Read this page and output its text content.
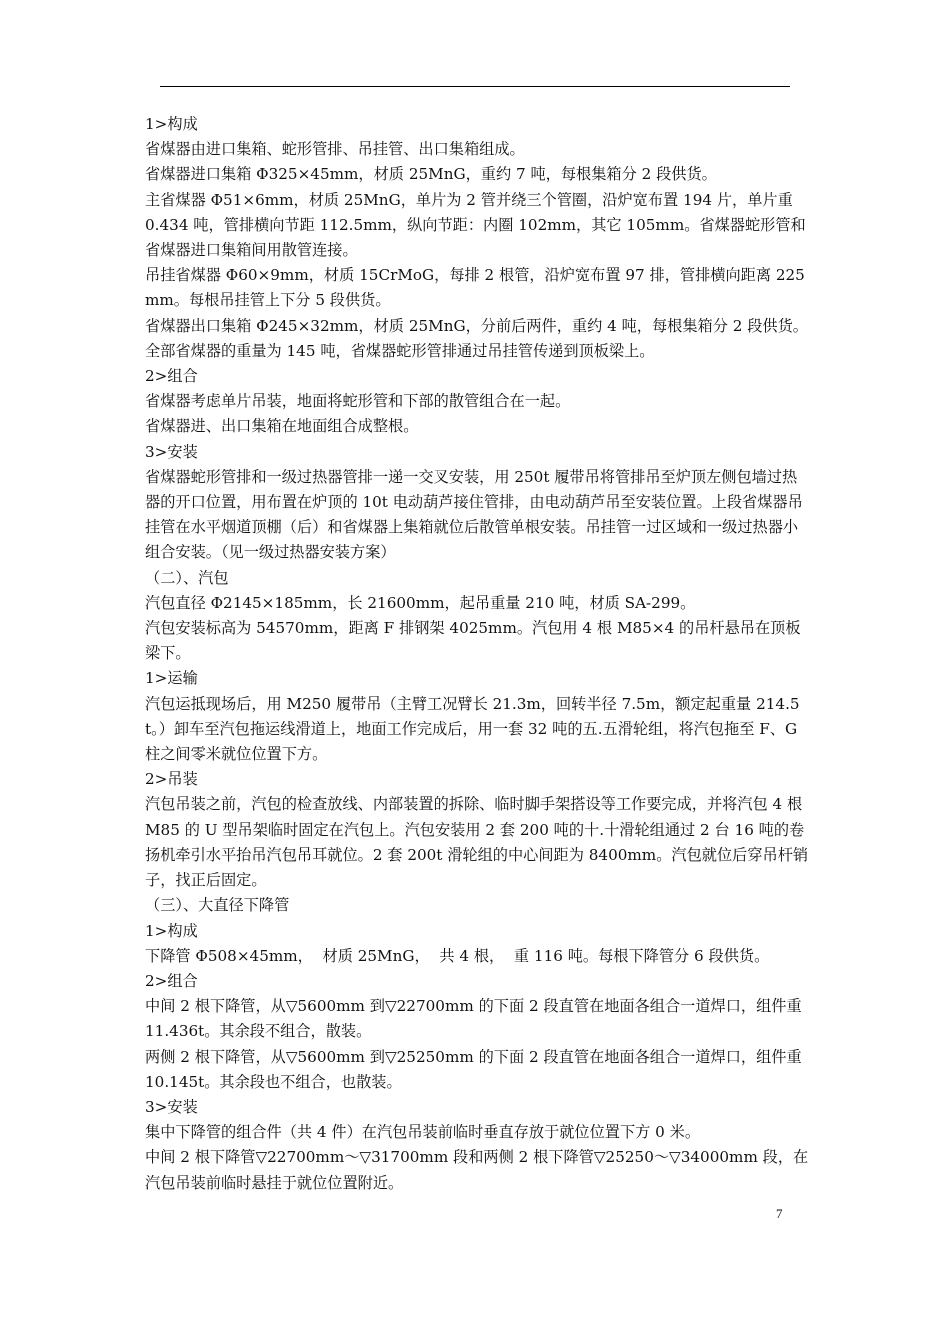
1>构成

省煤器由进口集箱、蛇形管排、吊挂管、出口集箱组成。

省煤器进口集箱 Φ325×45mm，材质 25MnG，重约 7 吨，每根集箱分 2 段供货。

主省煤器 Φ51×6mm，材质 25MnG，单片为 2 管并绕三个管圈，沿炉宽布置 194 片，单片重 0.434 吨，管排横向节距 112.5mm，纵向节距：内圈 102mm，其它 105mm。省煤器蛇形管和省煤器进口集箱间用散管连接。

吊挂省煤器 Φ60×9mm，材质 15CrMoG，每排 2 根管，沿炉宽布置 97 排，管排横向距离 225mm。每根吊挂管上下分 5 段供货。

省煤器出口集箱 Φ245×32mm，材质 25MnG，分前后两件，重约 4 吨，每根集箱分 2 段供货。全部省煤器的重量为 145 吨，省煤器蛇形管排通过吊挂管传递到顶板梁上。

2>组合

省煤器考虑单片吊装，地面将蛇形管和下部的散管组合在一起。

省煤器进、出口集箱在地面组合成整根。

3>安装

省煤器蛇形管排和一级过热器管排一递一交叉安装，用 250t 履带吊将管排吊至炉顶左侧包墙过热器的开口位置，用布置在炉顶的 10t 电动葫芦接住管排，由电动葫芦吊至安装位置。上段省煤器吊挂管在水平烟道顶棚（后）和省煤器上集箱就位后散管单根安装。吊挂管一过区域和一级过热器小组合安装。（见一级过热器安装方案）

（二）、汽包

汽包直径 Φ2145×185mm，长 21600mm，起吊重量 210 吨，材质 SA-299。

汽包安装标高为 54570mm，距离 F 排钢架 4025mm。汽包用 4 根 M85×4 的吊杆悬吊在顶板梁下。

1>运输

汽包运抵现场后，用 M250 履带吊（主臂工况臂长 21.3m，回转半径 7.5m，额定起重量 214.5t。）卸车至汽包拖运线滑道上，地面工作完成后，用一套 32 吨的五.五滑轮组，将汽包拖至 F、G 柱之间零米就位位置下方。

2>吊装

汽包吊装之前，汽包的检查放线、内部装置的拆除、临时脚手架搭设等工作要完成，并将汽包 4 根 M85 的 U 型吊架临时固定在汽包上。汽包安装用 2 套 200 吨的十.十滑轮组通过 2 台 16 吨的卷扬机牵引水平抬吊汽包吊耳就位。2 套 200t 滑轮组的中心间距为 8400mm。汽包就位后穿吊杆销子，找正后固定。

（三）、大直径下降管

1>构成

下降管 Φ508×45mm，  材质 25MnG，  共 4 根，  重 116 吨。每根下降管分 6 段供货。

2>组合

中间 2 根下降管，从▽5600mm 到▽22700mm 的下面 2 段直管在地面各组合一道焊口，组件重 11.436t。其余段不组合，散装。

两侧 2 根下降管，从▽5600mm 到▽25250mm 的下面 2 段直管在地面各组合一道焊口，组件重 10.145t。其余段也不组合，也散装。

3>安装

集中下降管的组合件（共 4 件）在汽包吊装前临时垂直存放于就位位置下方 0 米。

中间 2 根下降管▽22700mm～▽31700mm 段和两侧 2 根下降管▽25250～▽34000mm 段，在汽包吊装前临时悬挂于就位位置附近。

7
